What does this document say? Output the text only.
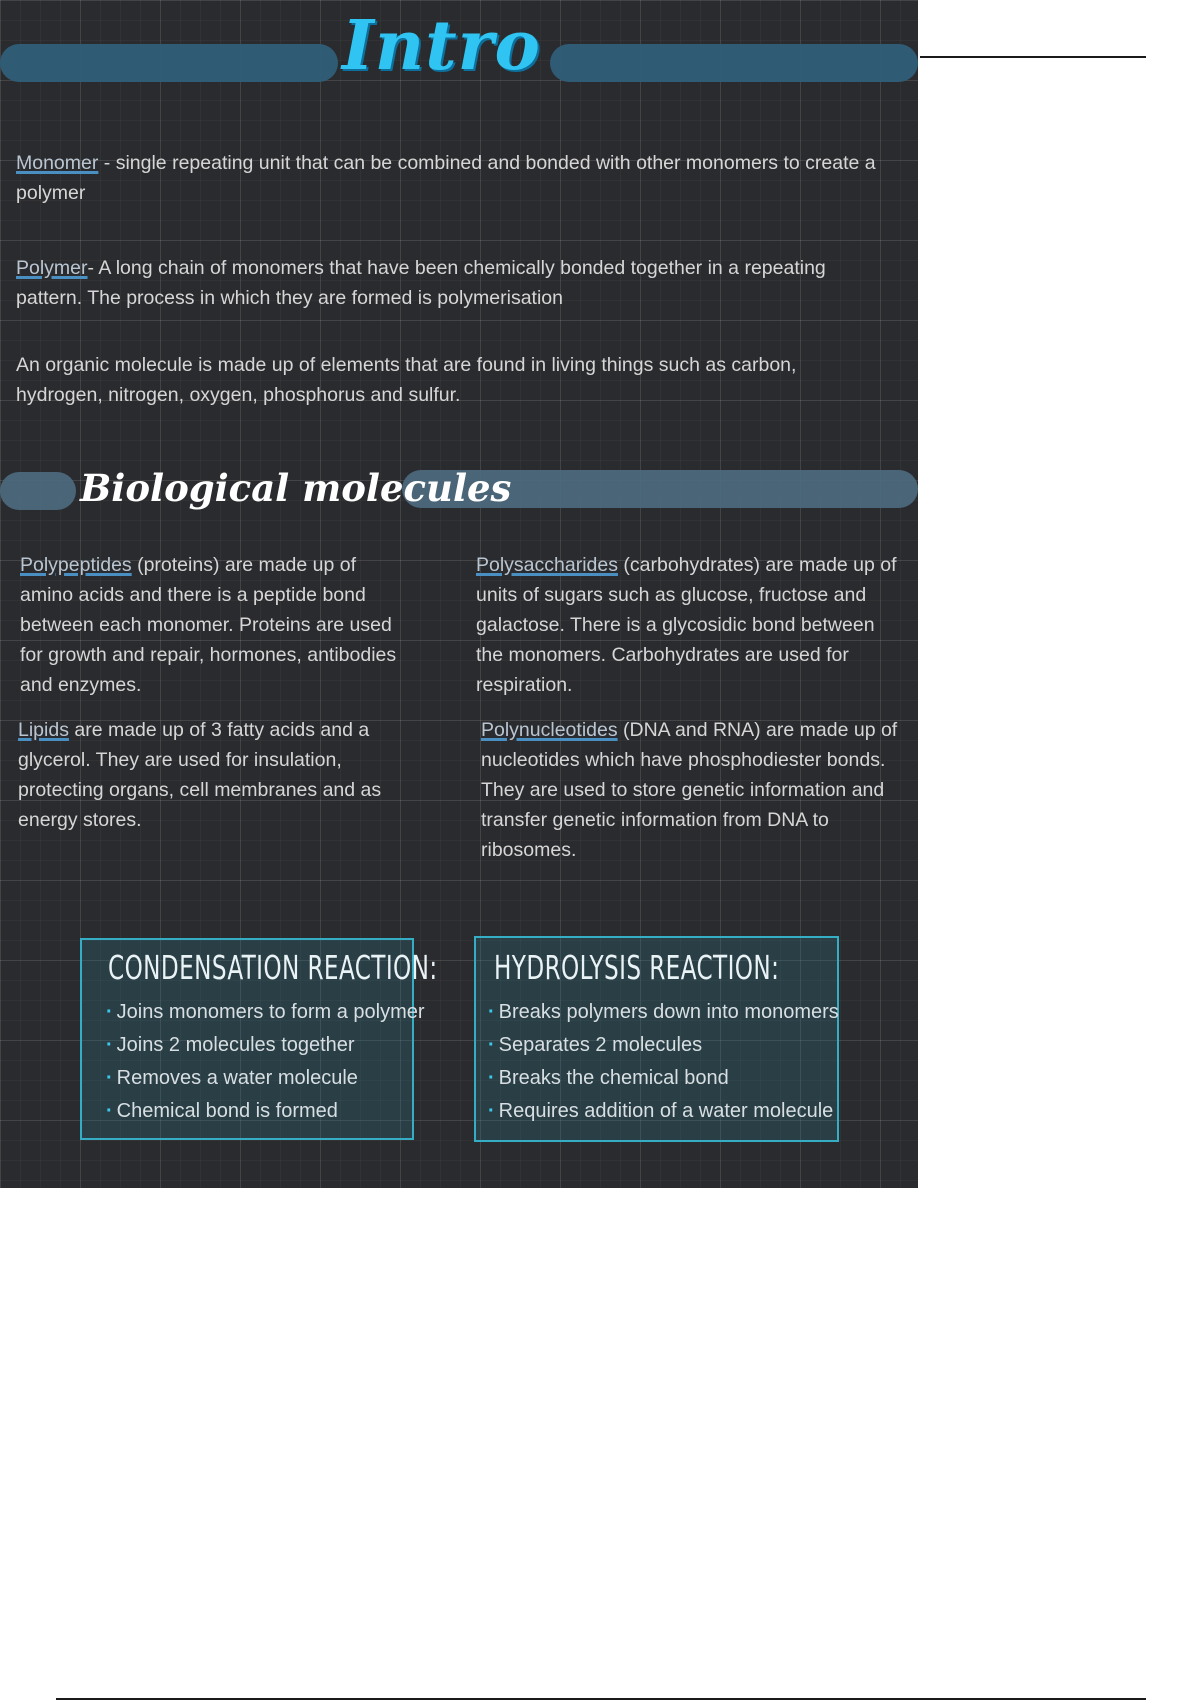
Intro

Monomer - single repeating unit that can be combined and bonded with other monomers to create a polymer

Polymer- A long chain of monomers that have been chemically bonded together in a repeating pattern. The process in which they are formed is polymerisation

An organic molecule is made up of elements that are found in living things such as carbon, hydrogen, nitrogen, oxygen, phosphorus and sulfur.

Biological molecules

Polypeptides (proteins) are made up of amino acids and there is a peptide bond between each monomer. Proteins are used for growth and repair, hormones, antibodies and enzymes.

Polysaccharides (carbohydrates) are made up of units of sugars such as glucose, fructose and galactose. There is a glycosidic bond between the monomers. Carbohydrates are used for respiration.

Lipids are made up of 3 fatty acids and a glycerol. They are used for insulation, protecting organs, cell membranes and as energy stores.

Polynucleotides (DNA and RNA) are made up of nucleotides which have phosphodiester bonds. They are used to store genetic information and transfer genetic information from DNA to ribosomes.

CONDENSATION REACTION:
· Joins monomers to form a polymer
· Joins 2 molecules together
· Removes a water molecule
· Chemical bond is formed
HYDROLYSIS REACTION:
· Breaks polymers down into monomers
· Separates 2 molecules
· Breaks the chemical bond
· Requires addition of a water molecule
